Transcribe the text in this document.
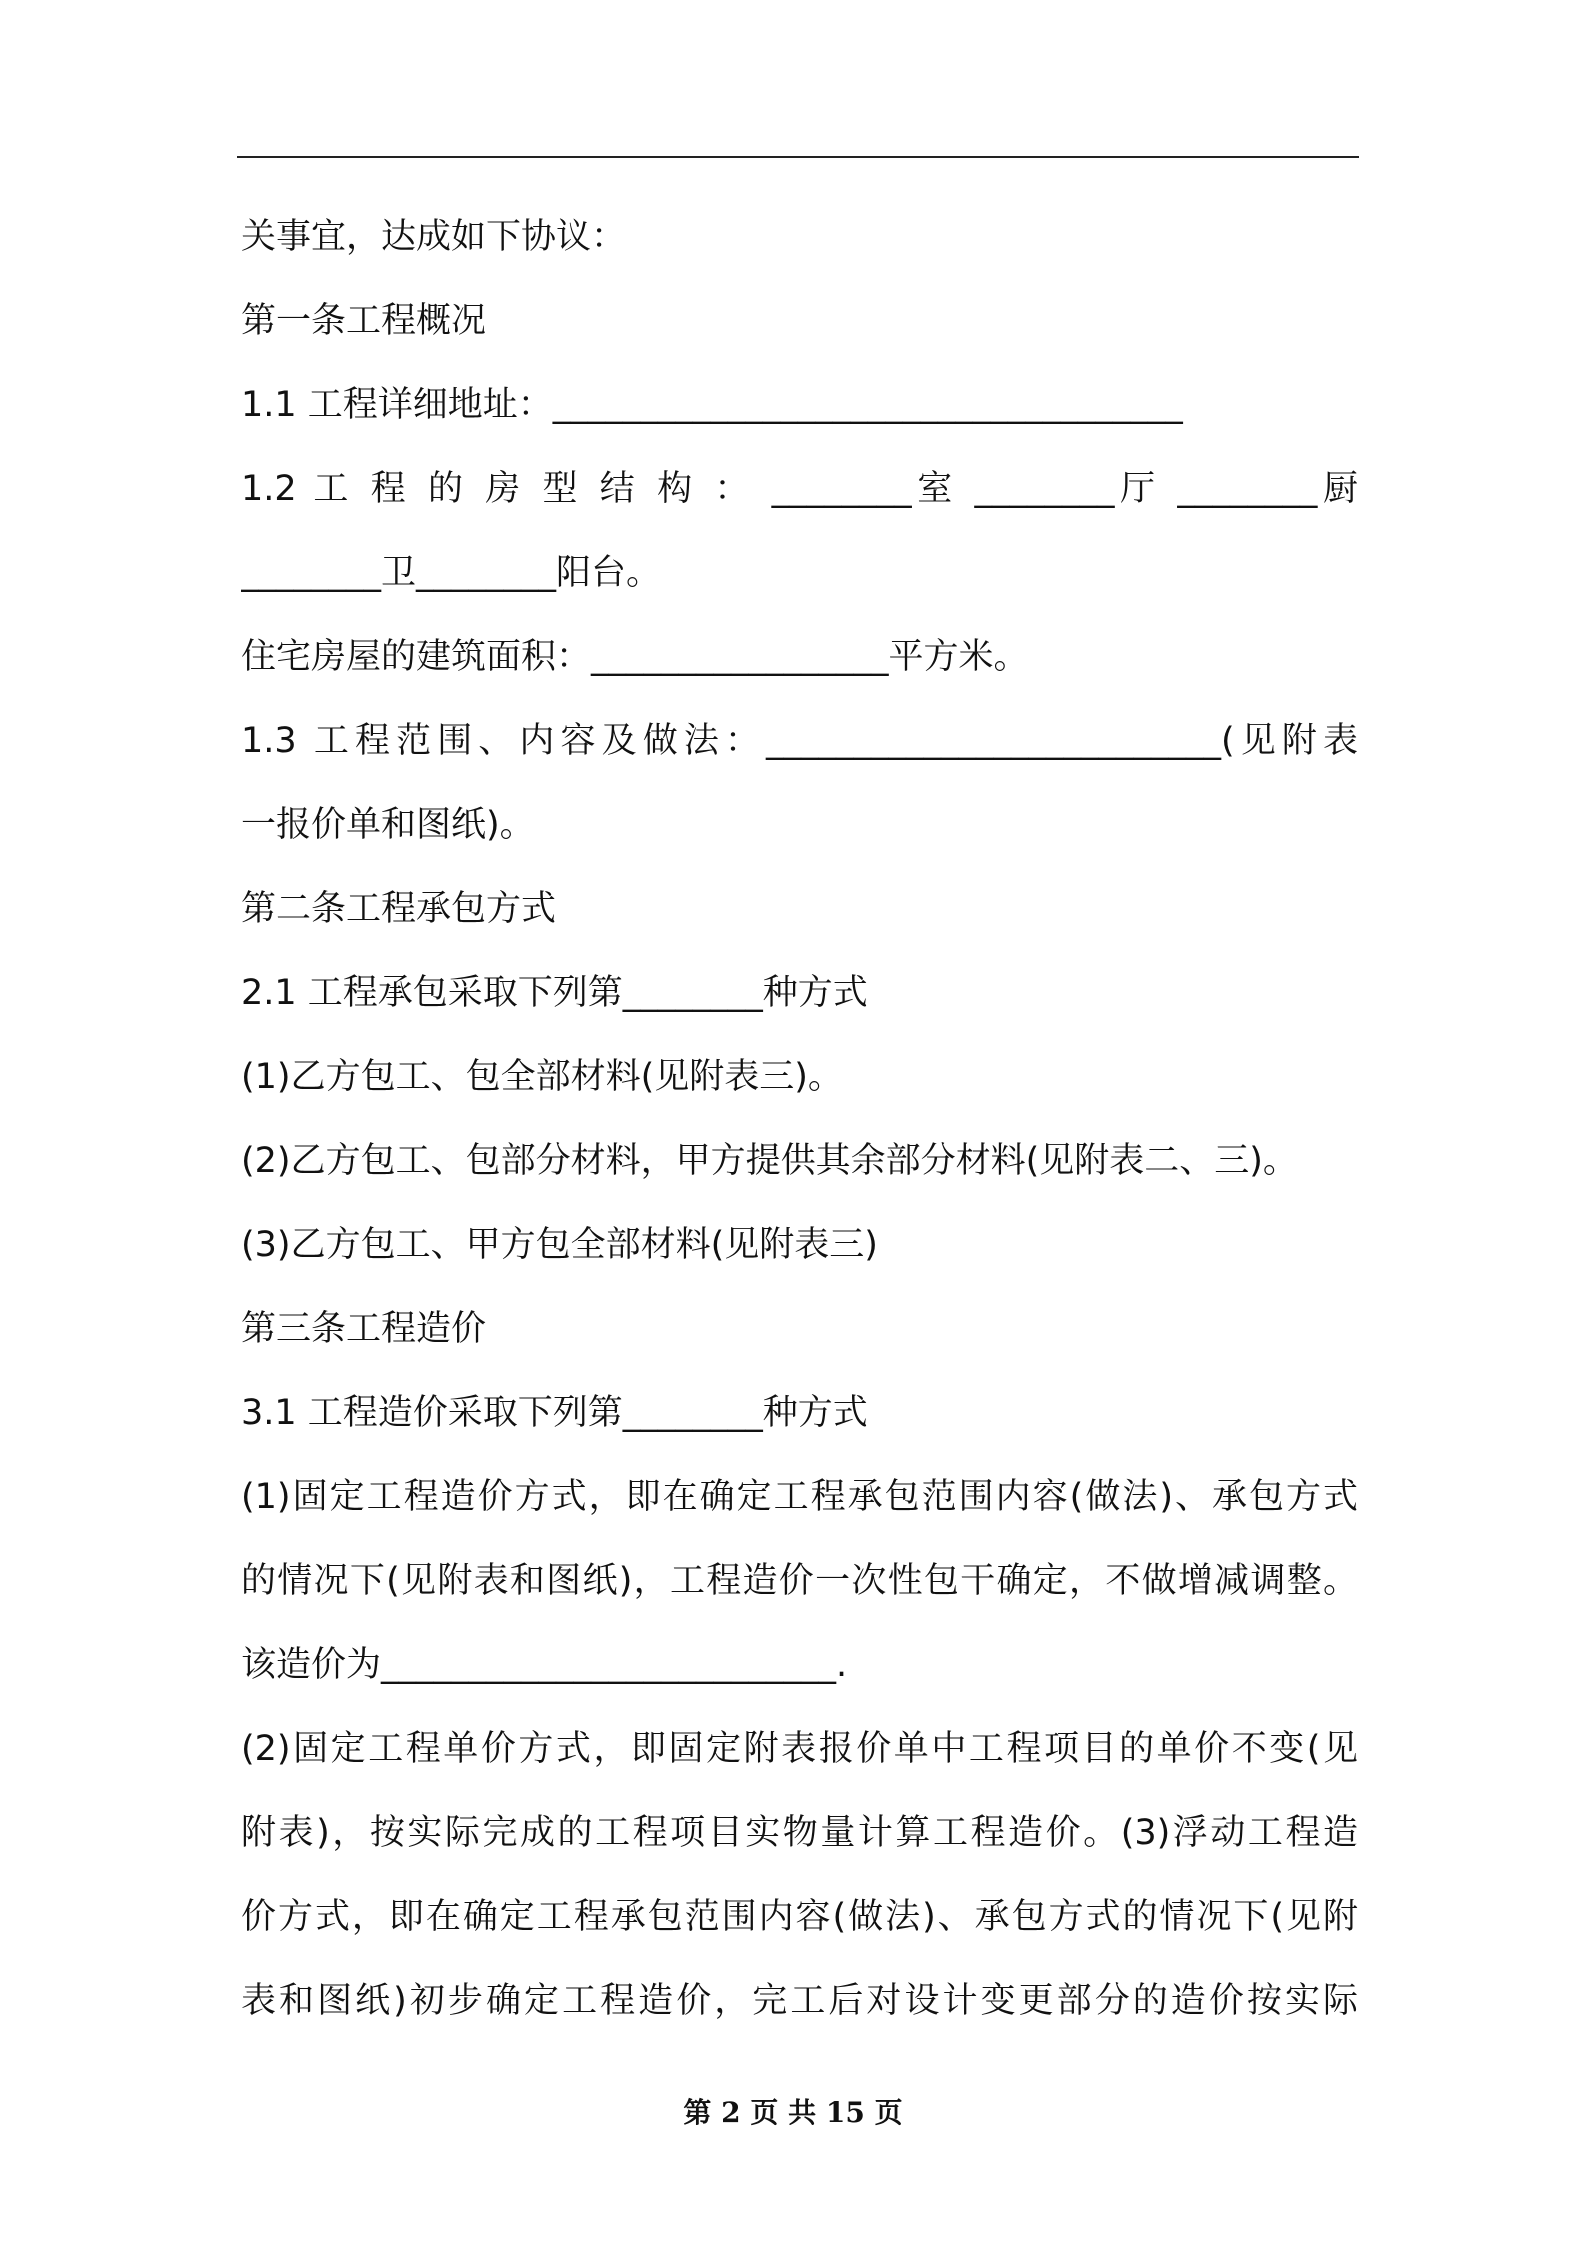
关事宜，达成如下协议：
第一条工程概况
1.1 工程详细地址：____________________________________
1.2 工 程 的 房 型 结 构 ： ________室 ________厅 ________厨
________卫________阳台。
住宅房屋的建筑面积：_________________平方米。
1.3 工程范围、内容及做法：__________________________(见附表
一报价单和图纸)。
第二条工程承包方式
2.1 工程承包采取下列第________种方式
(1)乙方包工、包全部材料(见附表三)。
(2)乙方包工、包部分材料，甲方提供其余部分材料(见附表二、三)。
(3)乙方包工、甲方包全部材料(见附表三)
第三条工程造价
3.1 工程造价采取下列第________种方式
(1)固定工程造价方式，即在确定工程承包范围内容(做法)、承包方式
的情况下(见附表和图纸)，工程造价一次性包干确定，不做增减调整。
该造价为__________________________.
(2)固定工程单价方式，即固定附表报价单中工程项目的单价不变(见
附表)，按实际完成的工程项目实物量计算工程造价。(3)浮动工程造
价方式，即在确定工程承包范围内容(做法)、承包方式的情况下(见附
表和图纸)初步确定工程造价，完工后对设计变更部分的造价按实际
第 2 页 共 15 页
